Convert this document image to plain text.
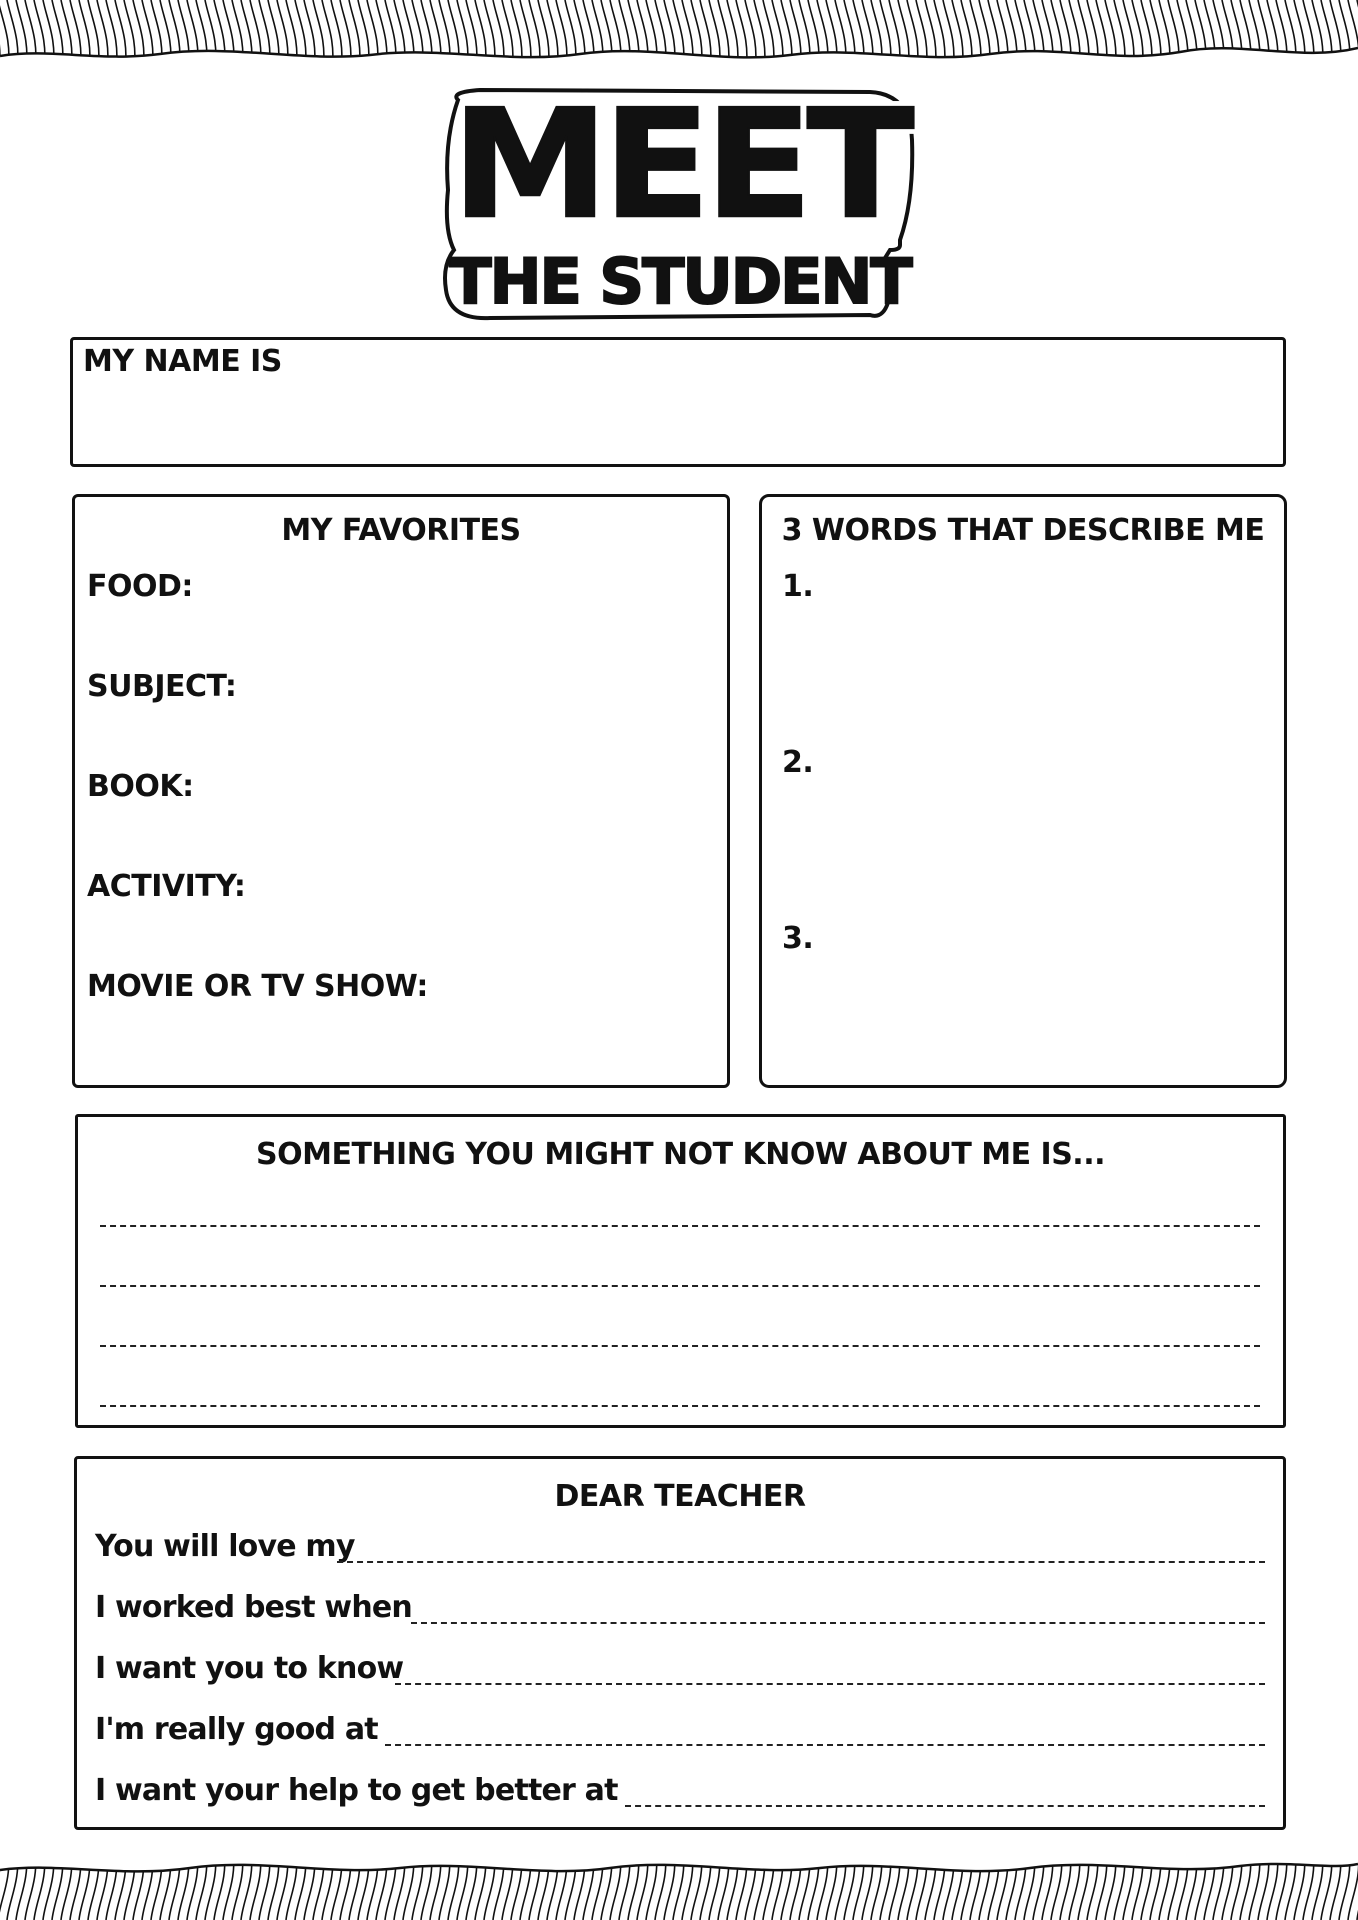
MEET
THE STUDENT
MY NAME IS
MY FAVORITES
FOOD:
SUBJECT:
BOOK:
ACTIVITY:
MOVIE OR TV SHOW:
3 WORDS THAT DESCRIBE ME
1.
2.
3.
SOMETHING YOU MIGHT NOT KNOW ABOUT ME IS...
DEAR TEACHER
You will love my
I worked best when
I want you to know
I'm really good at
I want your help to get better at
